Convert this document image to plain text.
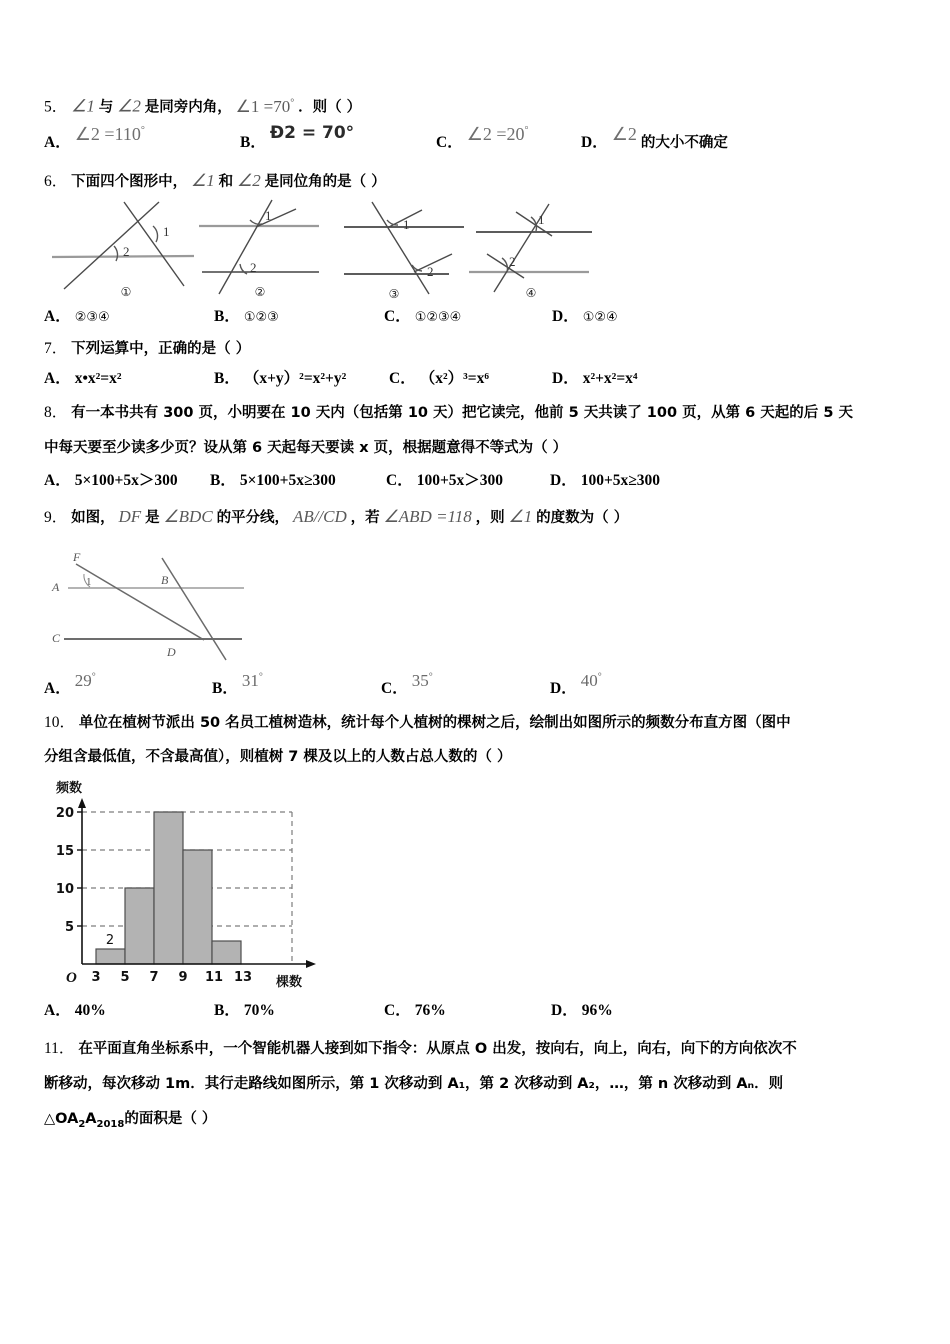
5． ∠1 与 ∠2 是同旁内角， ∠1 =70° ．则（ ）
A． ∠2 =110°
B． Ð2 = 70°	C． ∠2 =20°
D． ∠2 的大小不确定
6． 下面四个图形中， ∠1 和 ∠2 是同位角的是（ ）
1
2
1
2
1
2
1
2
①	②	③	④
A． ②③④	B． ①②③	C． ①②③④	D． ①②④
7． 下列运算中，正确的是（ ）
A． x•x²=x²	B． （x+y）²=x²+y²	C． （x²）³=x⁶	D． x²+x²=x⁴
8． 有一本书共有 300 页，小明要在 10 天内（包括第 10 天）把它读完，他前 5 天共读了 100 页，从第 6 天起的后 5 天
中每天要至少读多少页？设从第 6 天起每天要读 x 页，根据题意得不等式为（ ）
A． 5×100+5x＞300 B． 5×100+5x≥300	C． 100+5x＞300	D． 100+5x≥300
9． 如图， DF 是 ∠BDC 的平分线， AB//CD ，若 ∠ABD =118 ，则 ∠1 的度数为（ ）
F
A	B
C
D
1
A． 29°
B． 31°
C． 35°
D． 40°
10． 单位在植树节派出 50 名员工植树造林，统计每个人植树的棵树之后，绘制出如图所示的频数分布直方图（图中
分组含最低值，不含最高值），则植树 7 棵及以上的人数占总人数的（ ）
频数
20
15
10
5
3 5 7 9 11 13
O
2
棵数
A． 40%	B． 70%	C． 76%	D． 96%
11． 在平面直角坐标系中，一个智能机器人接到如下指令：从原点 O 出发，按向右，向上，向右，向下的方向依次不
断移动，每次移动 1m．其行走路线如图所示，第 1 次移动到 A₁，第 2 次移动到 A₂，…，第 n 次移动到 Aₙ．则
$\triangle OA_2A_{2018}$的面积是（ ）
